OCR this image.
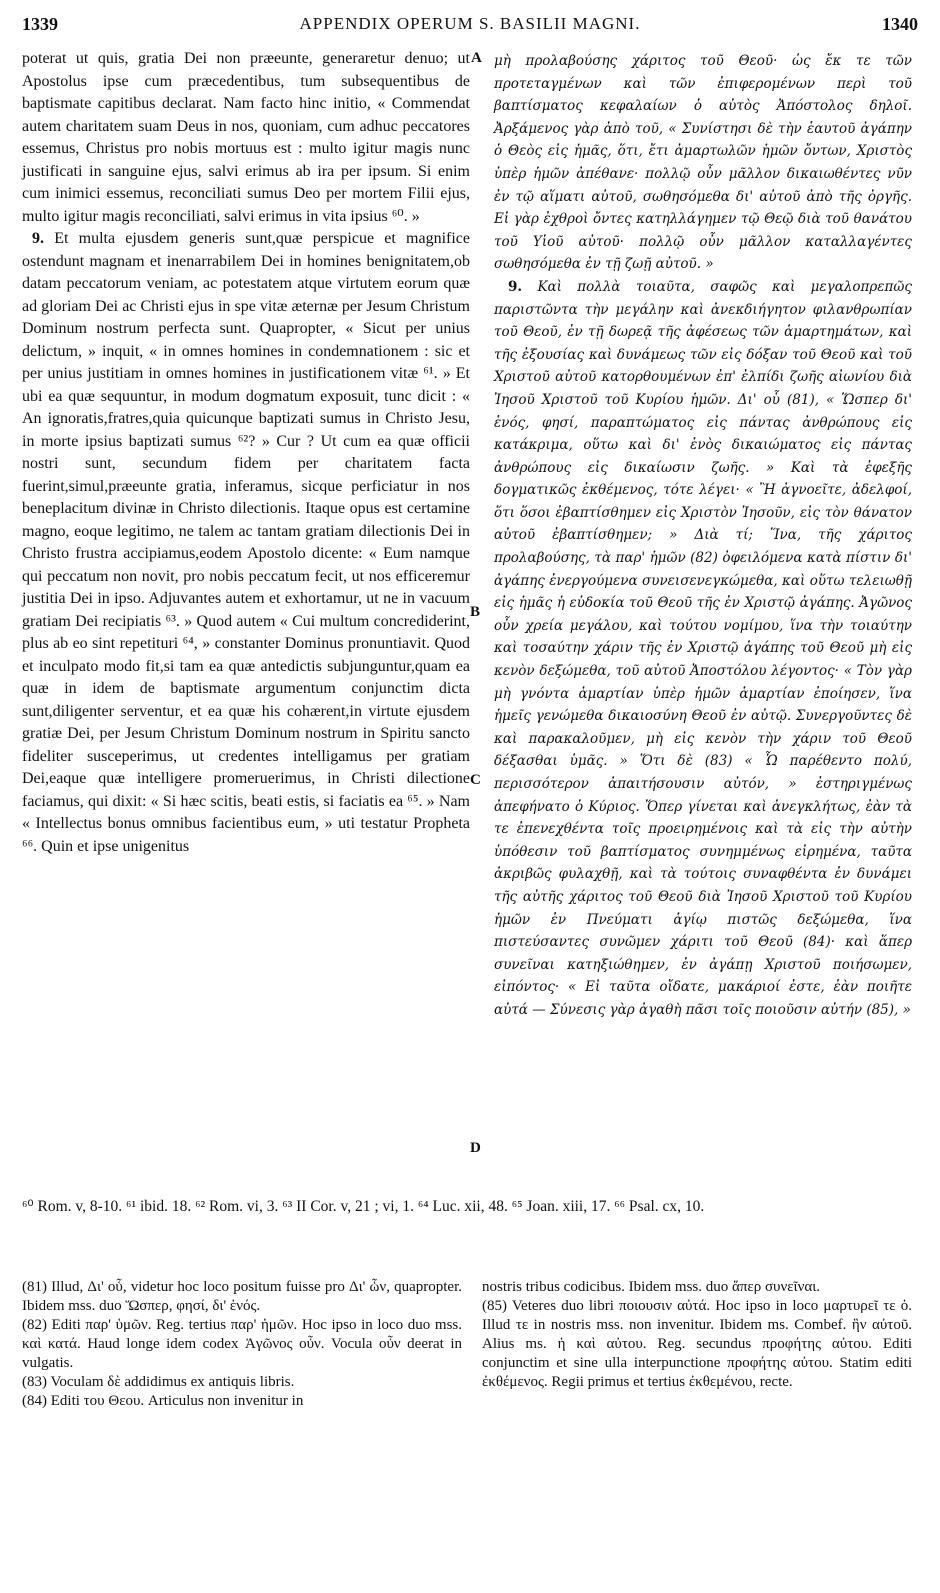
1339	APPENDIX OPERUM S. BASILII MAGNI.	1340

poterat ut quis, gratia Dei non præeunte, generaretur denuo; ut Apostolus ipse cum præcedentibus, tum subsequentibus de baptismate capitibus declarat. Nam facto hinc initio, « Commendat autem charitatem suam Deus in nos, quoniam, cum adhuc peccatores essemus, Christus pro nobis mortuus est : multo igitur magis nunc justificati in sanguine ejus, salvi erimus ab ira per ipsum. Si enim cum inimici essemus, reconciliati sumus Deo per mortem Filii ejus, multo igitur magis reconciliati, salvi erimus in vita ipsius ⁶⁰. »

9. Et multa ejusdem generis sunt,quæ perspicue et magnifice ostendunt magnam et inenarrabilem Dei in homines benignitatem,ob datam peccatorum veniam, ac potestatem atque virtutem eorum quæ ad gloriam Dei ac Christi ejus in spe vitæ æternæ per Jesum Christum Dominum nostrum perfecta sunt. Quapropter, « Sicut per unius delictum, » inquit, « in omnes homines in condemnationem : sic et per unius justitiam in omnes homines in justificationem vitæ ⁶¹. » Et ubi ea quæ sequuntur, in modum dogmatum exposuit, tunc dicit : « An ignoratis,fratres,quia quicunque baptizati sumus in Christo Jesu, in morte ipsius baptizati sumus ⁶²? » Cur ? Ut cum ea quæ officii nostri sunt, secundum fidem per charitatem facta fuerint,simul,præeunte gratia, inferamus, sicque perficiatur in nos beneplacitum divinæ in Christo dilectionis. Itaque opus est certamine magno, eoque legitimo, ne talem ac tantam gratiam dilectionis Dei in Christo frustra accipiamus,eodem Apostolo dicente: « Eum namque qui peccatum non novit, pro nobis peccatum fecit, ut nos efficeremur justitia Dei in ipso. Adjuvantes autem et exhortamur, ut ne in vacuum gratiam Dei recipiatis ⁶³. » Quod autem « Cui multum concrediderint, plus ab eo sint repetituri ⁶⁴, » constanter Dominus pronuntiavit. Quod et inculpato modo fit,si tam ea quæ antedictis subjunguntur,quam ea quæ in idem de baptismate argumentum conjunctim dicta sunt,diligenter serventur, et ea quæ his cohærent,in virtute ejusdem gratiæ Dei, per Jesum Christum Dominum nostrum in Spiritu sancto fideliter susceperimus, ut credentes intelligamus per gratiam Dei,eaque quæ intelligere promeruerimus, in Christi dilectione faciamus, qui dixit: « Si hæc scitis, beati estis, si faciatis ea ⁶⁵. » Nam « Intellectus bonus omnibus facientibus eum, » uti testatur Propheta ⁶⁶. Quin et ipse unigenitus

A
B
C
D

μὴ προλαβούσης χάριτος τοῦ Θεοῦ· ὡς ἔκ τε τῶν προτεταγμένων καὶ τῶν ἐπιφερομένων περὶ τοῦ βαπτίσματος κεφαλαίων ὁ αὐτὸς Ἀπόστολος δηλοῖ. Ἀρξάμενος γὰρ ἀπὸ τοῦ, « Συνίστησι δὲ τὴν ἑαυτοῦ ἀγάπην ὁ Θεὸς εἰς ἡμᾶς, ὅτι, ἔτι ἁμαρτωλῶν ἡμῶν ὄντων, Χριστὸς ὑπὲρ ἡμῶν ἀπέθανε· πολλῷ οὖν μᾶλλον δικαιωθέντες νῦν ἐν τῷ αἵματι αὐτοῦ, σωθησόμεθα δι' αὐτοῦ ἀπὸ τῆς ὀργῆς. Εἰ γὰρ ἐχθροὶ ὄντες κατηλλάγημεν τῷ Θεῷ διὰ τοῦ θανάτου τοῦ Υἱοῦ αὐτοῦ· πολλῷ οὖν μᾶλλον καταλλαγέντες σωθησόμεθα ἐν τῇ ζωῇ αὐτοῦ. »

9. Καὶ πολλὰ τοιαῦτα, σαφῶς καὶ μεγαλοπρεπῶς παριστῶντα τὴν μεγάλην καὶ ἀνεκδιήγητον φιλανθρωπίαν τοῦ Θεοῦ, ἐν τῇ δωρεᾷ τῆς ἀφέσεως τῶν ἁμαρτημάτων, καὶ τῆς ἐξουσίας καὶ δυνάμεως τῶν εἰς δόξαν τοῦ Θεοῦ καὶ τοῦ Χριστοῦ αὐτοῦ κατορθουμένων ἐπ' ἐλπίδι ζωῆς αἰωνίου διὰ Ἰησοῦ Χριστοῦ τοῦ Κυρίου ἡμῶν. Δι' οὗ (81), « Ὥσπερ δι' ἑνός, φησί, παραπτώματος εἰς πάντας ἀνθρώπους εἰς κατάκριμα, οὕτω καὶ δι' ἑνὸς δικαιώματος εἰς πάντας ἀνθρώπους εἰς δικαίωσιν ζωῆς. » Καὶ τὰ ἐφεξῆς δογματικῶς ἐκθέμενος, τότε λέγει· « Ἢ ἀγνοεῖτε, ἀδελφοί, ὅτι ὅσοι ἐβαπτίσθημεν εἰς Χριστὸν Ἰησοῦν, εἰς τὸν θάνατον αὐτοῦ ἐβαπτίσθημεν; » Διὰ τί; Ἵνα, τῆς χάριτος προλαβούσης, τὰ παρ' ἡμῶν (82) ὀφειλόμενα κατὰ πίστιν δι' ἀγάπης ἐνεργούμενα συνεισενεγκώμεθα, καὶ οὕτω τελειωθῇ εἰς ἡμᾶς ἡ εὐδοκία τοῦ Θεοῦ τῆς ἐν Χριστῷ ἀγάπης. Ἀγῶνος οὖν χρεία μεγάλου, καὶ τούτου νομίμου, ἵνα τὴν τοιαύτην καὶ τοσαύτην χάριν τῆς ἐν Χριστῷ ἀγάπης τοῦ Θεοῦ μὴ εἰς κενὸν δεξώμεθα, τοῦ αὐτοῦ Ἀποστόλου λέγοντος· « Τὸν γὰρ μὴ γνόντα ἁμαρτίαν ὑπὲρ ἡμῶν ἁμαρτίαν ἐποίησεν, ἵνα ἡμεῖς γενώμεθα δικαιοσύνη Θεοῦ ἐν αὐτῷ. Συνεργοῦντες δὲ καὶ παρακαλοῦμεν, μὴ εἰς κενὸν τὴν χάριν τοῦ Θεοῦ δέξασθαι ὑμᾶς. » Ὅτι δὲ (83) « Ὧ παρέθεντο πολύ, περισσότερον ἀπαιτήσουσιν αὐτόν, » ἐστηριγμένως ἀπεφήνατο ὁ Κύριος. Ὅπερ γίνεται καὶ ἀνεγκλήτως, ἐὰν τὰ τε ἐπενεχθέντα τοῖς προειρημένοις καὶ τὰ εἰς τὴν αὐτὴν ὑπόθεσιν τοῦ βαπτίσματος συνημμένως εἰρημένα, ταῦτα ἀκριβῶς φυλαχθῇ, καὶ τὰ τούτοις συναφθέντα ἐν δυνάμει τῆς αὐτῆς χάριτος τοῦ Θεοῦ διὰ Ἰησοῦ Χριστοῦ τοῦ Κυρίου ἡμῶν ἐν Πνεύματι ἁγίῳ πιστῶς δεξώμεθα, ἵνα πιστεύσαντες συνῶμεν χάριτι τοῦ Θεοῦ (84)· καὶ ἅπερ συνεῖναι κατηξιώθημεν, ἐν ἀγάπῃ Χριστοῦ ποιήσωμεν, εἰπόντος· « Εἰ ταῦτα οἴδατε, μακάριοί ἐστε, ἐὰν ποιῆτε αὐτά — Σύνεσις γὰρ ἀγαθὴ πᾶσι τοῖς ποιοῦσιν αὐτήν (85), »

⁶⁰ Rom. v, 8-10. ⁶¹ ibid. 18. ⁶² Rom. vi, 3. ⁶³ II Cor. v, 21 ; vi, 1. ⁶⁴ Luc. xii, 48. ⁶⁵ Joan. xiii, 17. ⁶⁶ Psal. cx, 10.

(81) Illud, Δι' οὗ, videtur hoc loco positum fuisse pro Δι' ὧν, quapropter. Ibidem mss. duo Ὥσπερ, φησί, δι' ἑνός.

(82) Editi παρ' ὑμῶν. Reg. tertius παρ' ἡμῶν. Hoc ipso in loco duo mss. καὶ κατά. Haud longe idem codex Ἀγῶνος οὖν. Vocula οὖν deerat in vulgatis.

(83) Voculam δὲ addidimus ex antiquis libris.

(84) Editi του Θεου. Articulus non invenitur in

nostris tribus codicibus. Ibidem mss. duo ἅπερ συνεῖναι.

(85) Veteres duo libri ποιουσιν αὐτά. Hoc ipso in loco μαρτυρεῖ τε ὁ. Illud τε in nostris mss. non invenitur. Ibidem ms. Combef. ἣν αὐτοῦ. Alius ms. ἡ καὶ αὐτου. Reg. secundus προφήτης αὐτου. Editi conjunctim et sine ulla interpunctione προφήτης αὐτου. Statim editi ἐκθέμενος. Regii primus et tertius ἐκθεμένου, recte.
